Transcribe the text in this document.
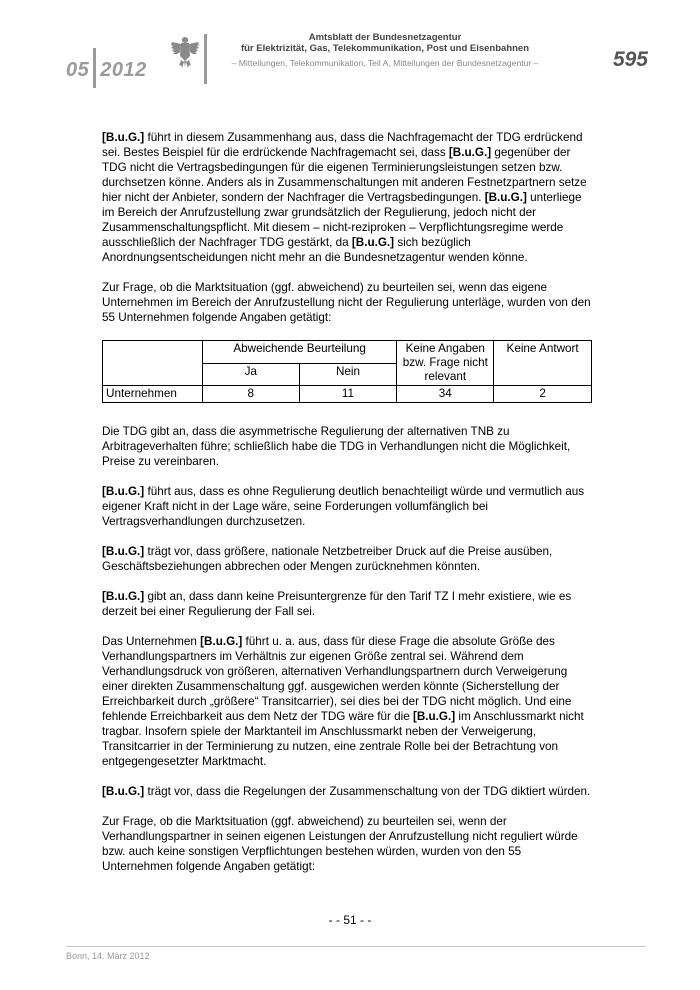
05 2012
Amtsblatt der Bundesnetzagentur
für Elektrizität, Gas, Telekommunikation, Post und Eisenbahnen
– Mitteilungen, Telekommunikation, Teil A, Mitteilungen der Bundesnetzagentur –	595

[B.u.G.] führt in diesem Zusammenhang aus, dass die Nachfragemacht der TDG erdrückend sei. Bestes Beispiel für die erdrückende Nachfragemacht sei, dass [B.u.G.] gegenüber der TDG nicht die Vertragsbedingungen für die eigenen Terminierungsleistungen setzen bzw. durchsetzen könne. Anders als in Zusammenschaltungen mit anderen Festnetzpartnern setze hier nicht der Anbieter, sondern der Nachfrager die Vertragsbedingungen. [B.u.G.] unterliege im Bereich der Anrufzustellung zwar grundsätzlich der Regulierung, jedoch nicht der Zusammenschaltungspflicht. Mit diesem – nicht-reziproken – Verpflichtungsregime werde ausschließlich der Nachfrager TDG gestärkt, da [B.u.G.] sich bezüglich Anordnungsentscheidungen nicht mehr an die Bundesnetzagentur wenden könne.

Zur Frage, ob die Marktsituation (ggf. abweichend) zu beurteilen sei, wenn das eigene Unternehmen im Bereich der Anrufzustellung nicht der Regulierung unterläge, wurden von den 55 Unternehmen folgende Angaben getätigt:

	Abweichende Beurteilung		Keine Angaben bzw. Frage nicht relevant	Keine Antwort
	Ja	Nein		
Unternehmen	8	11	34	2

Die TDG gibt an, dass die asymmetrische Regulierung der alternativen TNB zu Arbitrageverhalten führe; schließlich habe die TDG in Verhandlungen nicht die Möglichkeit, Preise zu vereinbaren.

[B.u.G.] führt aus, dass es ohne Regulierung deutlich benachteiligt würde und vermutlich aus eigener Kraft nicht in der Lage wäre, seine Forderungen vollumfänglich bei Vertragsverhandlungen durchzusetzen.

[B.u.G.] trägt vor, dass größere, nationale Netzbetreiber Druck auf die Preise ausüben, Geschäftsbeziehungen abbrechen oder Mengen zurücknehmen könnten.

[B.u.G.] gibt an, dass dann keine Preisuntergrenze für den Tarif TZ I mehr existiere, wie es derzeit bei einer Regulierung der Fall sei.

Das Unternehmen [B.u.G.] führt u. a. aus, dass für diese Frage die absolute Größe des Verhandlungspartners im Verhältnis zur eigenen Größe zentral sei. Während dem Verhandlungsdruck von größeren, alternativen Verhandlungspartnern durch Verweigerung einer direkten Zusammenschaltung ggf. ausgewichen werden könnte (Sicherstellung der Erreichbarkeit durch „größere“ Transitcarrier), sei dies bei der TDG nicht möglich. Und eine fehlende Erreichbarkeit aus dem Netz der TDG wäre für die [B.u.G.] im Anschlussmarkt nicht tragbar. Insofern spiele der Marktanteil im Anschlussmarkt neben der Verweigerung, Transitcarrier in der Terminierung zu nutzen, eine zentrale Rolle bei der Betrachtung von entgegengesetzter Marktmacht.

[B.u.G.] trägt vor, dass die Regelungen der Zusammenschaltung von der TDG diktiert würden.

Zur Frage, ob die Marktsituation (ggf. abweichend) zu beurteilen sei, wenn der Verhandlungspartner in seinen eigenen Leistungen der Anrufzustellung nicht reguliert würde bzw. auch keine sonstigen Verpflichtungen bestehen würden, wurden von den 55 Unternehmen folgende Angaben getätigt:

- - 51 - -
Bonn, 14. März 2012
